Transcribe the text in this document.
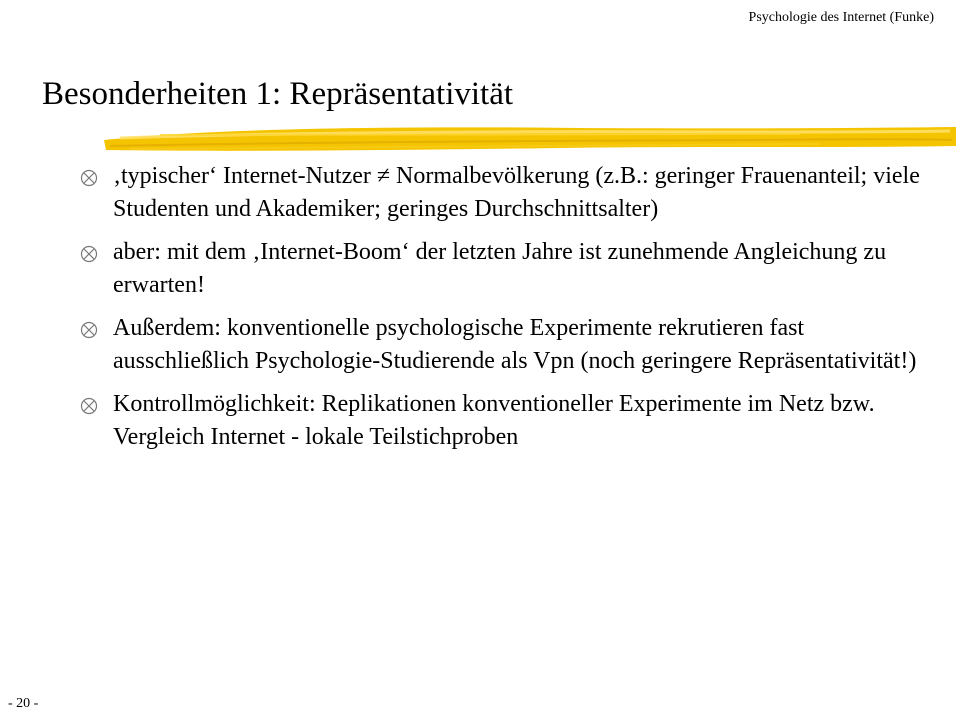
Psychologie des Internet (Funke)
Besonderheiten 1: Repräsentativität
‚typischer‘ Internet-Nutzer ≠ Normalbevölkerung (z.B.: geringer Frauenanteil; viele Studenten und Akademiker; geringes Durchschnittsalter)
aber: mit dem ‚Internet-Boom‘ der letzten Jahre ist zunehmende Angleichung zu erwarten!
Außerdem: konventionelle psychologische Experimente rekrutieren fast ausschließlich Psychologie-Studierende als Vpn (noch geringere Repräsentativität!)
Kontrollmöglichkeit: Replikationen konventioneller Experimente im Netz bzw. Vergleich Internet - lokale Teilstichproben
- 20 -
